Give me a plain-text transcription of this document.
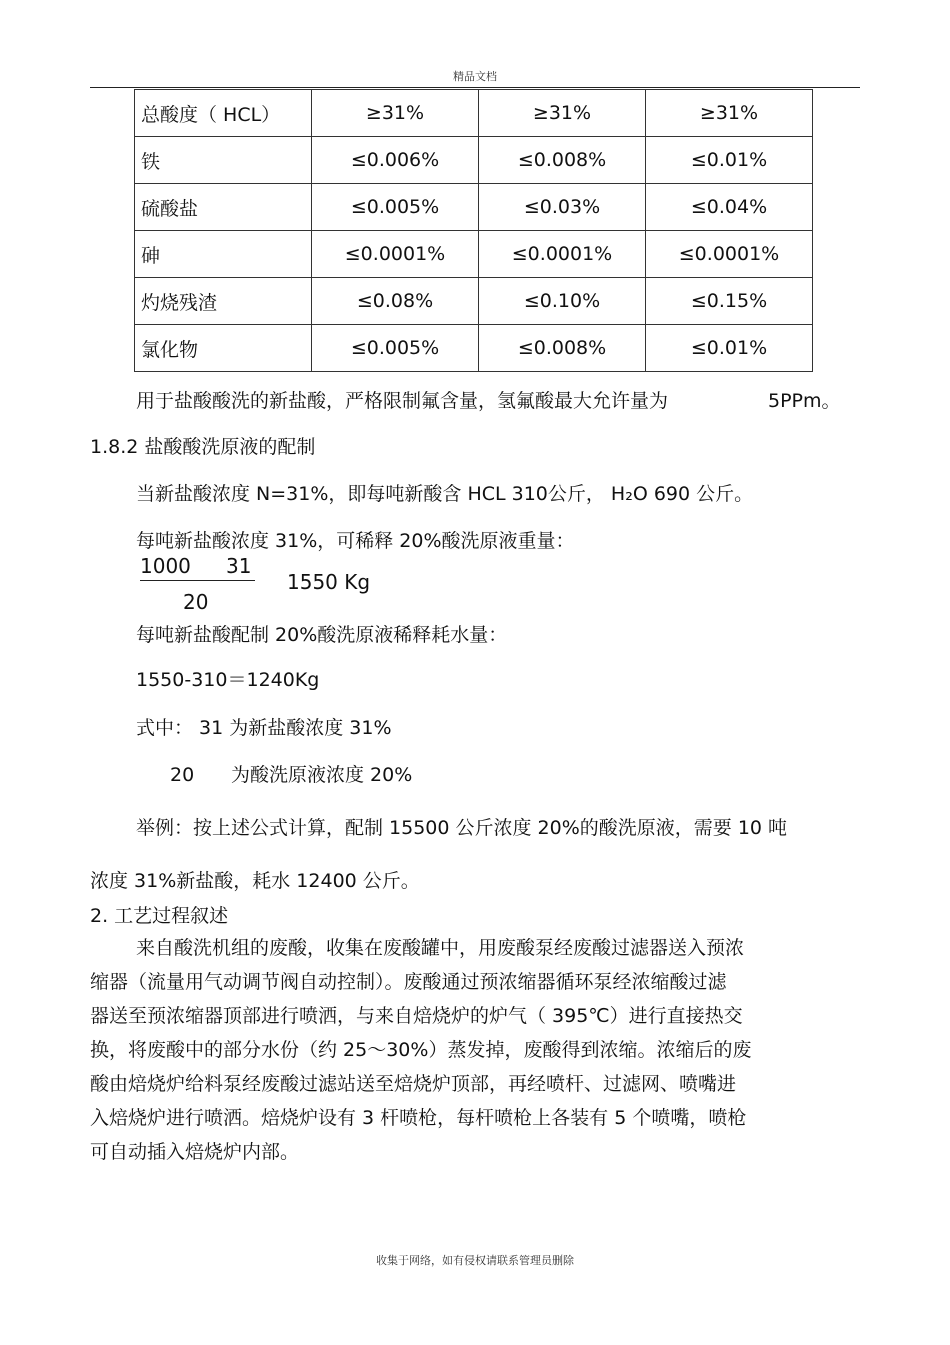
精品文档
总酸度（ HCL）	≥31%	≥31%	≥31%
铁	≤0.006%	≤0.008%	≤0.01%
硫酸盐	≤0.005%	≤0.03%	≤0.04%
砷	≤0.0001%	≤0.0001%	≤0.0001%
灼烧残渣	≤0.08%	≤0.10%	≤0.15%
氯化物	≤0.005%	≤0.008%	≤0.01%
用于盐酸酸洗的新盐酸，严格限制氟含量，氢氟酸最大允许量为	5PPm。
1.8.2 盐酸酸洗原液的配制
当新盐酸浓度 N=31%，即每吨新酸含 HCL 310公斤， H₂O 690 公斤。
每吨新盐酸浓度 31%，可稀释 20%酸洗原液重量：
1000 31
20
1550 Kg
每吨新盐酸配制 20%酸洗原液稀释耗水量：
1550-310＝1240Kg
式中： 31 为新盐酸浓度 31%
20 为酸洗原液浓度 20%
举例：按上述公式计算，配制 15500 公斤浓度 20%的酸洗原液，需要 10 吨
浓度 31%新盐酸，耗水 12400 公斤。
2. 工艺过程叙述
来自酸洗机组的废酸，收集在废酸罐中，用废酸泵经废酸过滤器送入预浓
缩器（流量用气动调节阀自动控制）。废酸通过预浓缩器循环泵经浓缩酸过滤
器送至预浓缩器顶部进行喷洒，与来自焙烧炉的炉气（ 395℃）进行直接热交
换，将废酸中的部分水份（约 25～30%）蒸发掉，废酸得到浓缩。浓缩后的废
酸由焙烧炉给料泵经废酸过滤站送至焙烧炉顶部，再经喷杆、过滤网、喷嘴进
入焙烧炉进行喷洒。焙烧炉设有 3 杆喷枪，每杆喷枪上各装有 5 个喷嘴，喷枪
可自动插入焙烧炉内部。
收集于网络，如有侵权请联系管理员删除
